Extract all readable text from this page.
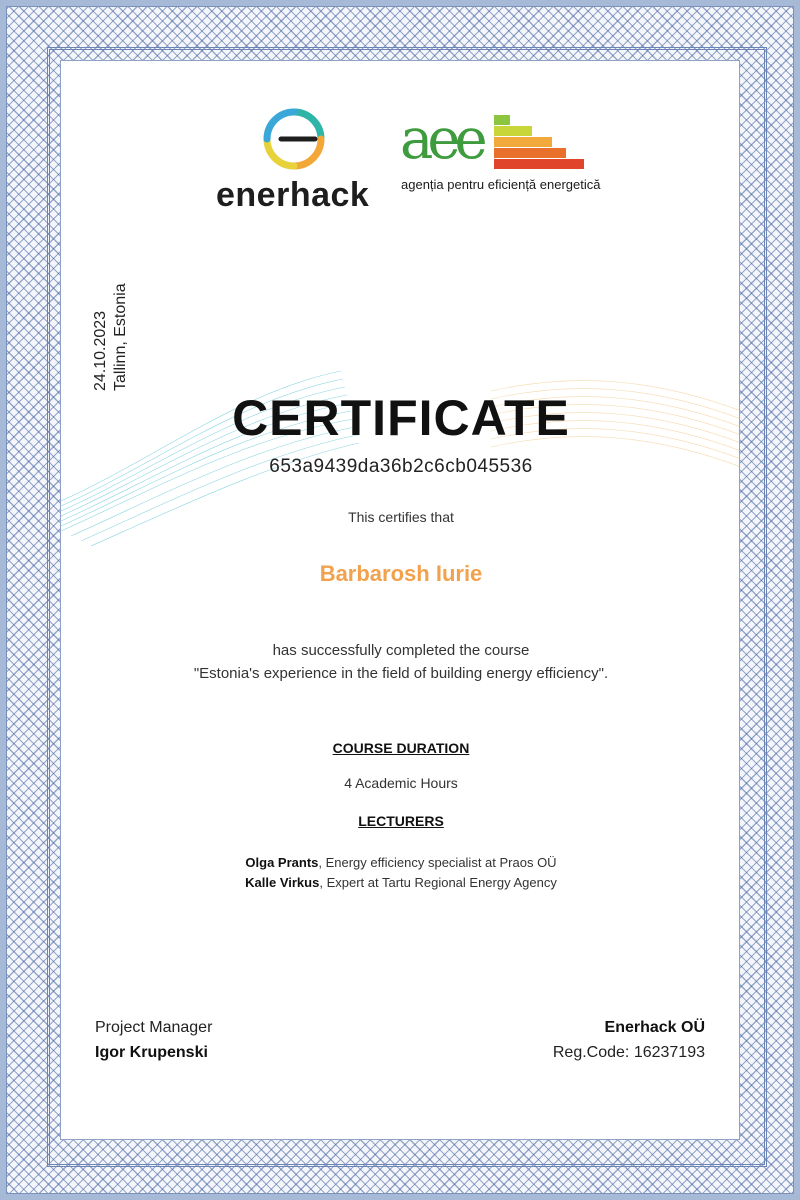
24.10.2023 Tallinn, Estonia
enerhack
aee
agenția pentru eficiență energetică
CERTIFICATE
653a9439da36b2c6cb045536
This certifies that
Barbarosh Iurie
has successfully completed the course
"Estonia's experience in the field of building energy efficiency".
COURSE DURATION
4 Academic Hours
LECTURERS
Olga Prants, Energy efficiency specialist at Praos OÜ
Kalle Virkus, Expert at Tartu Regional Energy Agency
Project Manager
Igor Krupenski
Enerhack OÜ
Reg.Code: 16237193
